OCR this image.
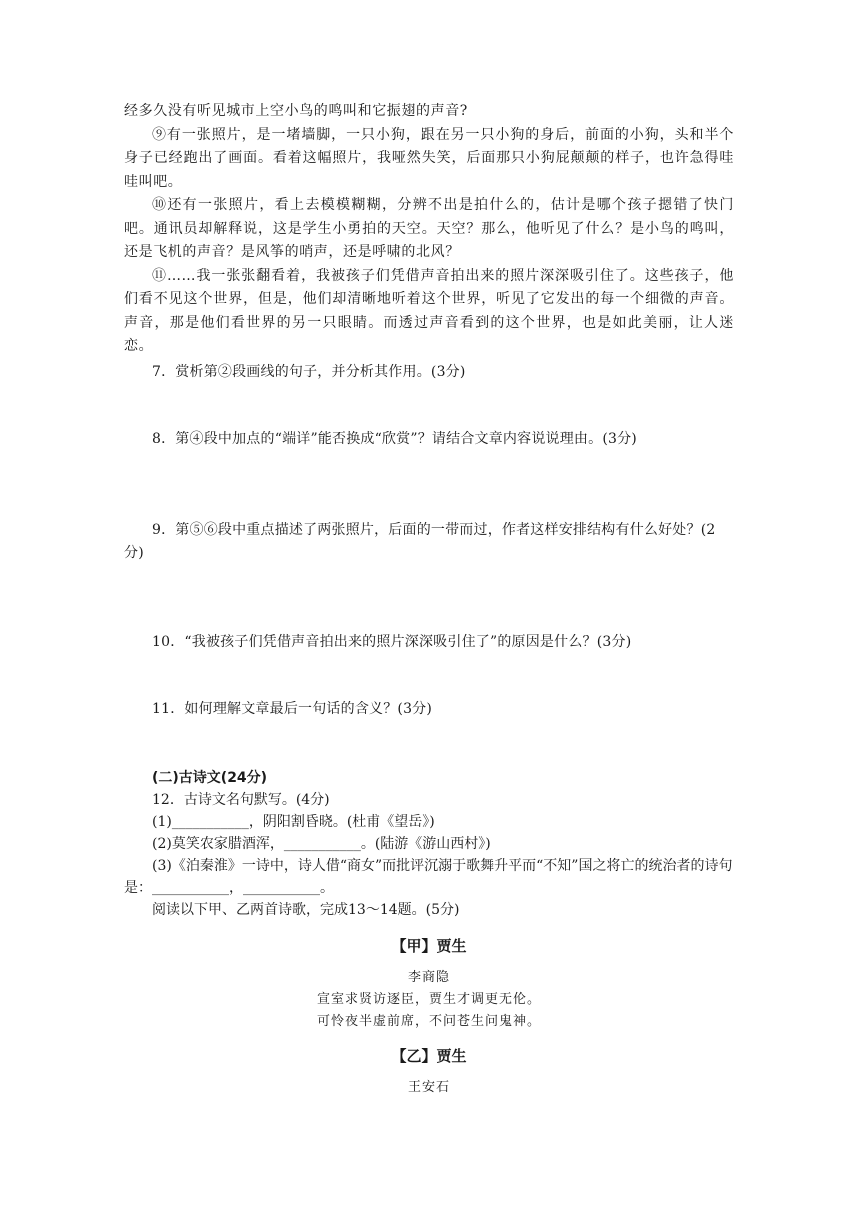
经多久没有听见城市上空小鸟的鸣叫和它振翅的声音?

⑨有一张照片，是一堵墙脚，一只小狗，跟在另一只小狗的身后，前面的小狗，头和半个身子已经跑出了画面。看着这幅照片，我哑然失笑，后面那只小狗屁颠颠的样子，也许急得哇哇叫吧。

⑩还有一张照片，看上去模模糊糊，分辨不出是拍什么的，估计是哪个孩子摁错了快门吧。通讯员却解释说，这是学生小勇拍的天空。天空？那么，他听见了什么？是小鸟的鸣叫，还是飞机的声音？是风筝的哨声，还是呼啸的北风？

⑪……我一张张翻看着，我被孩子们凭借声音拍出来的照片深深吸引住了。这些孩子，他们看不见这个世界，但是，他们却清晰地听着这个世界，听见了它发出的每一个细微的声音。声音，那是他们看世界的另一只眼睛。而透过声音看到的这个世界，也是如此美丽，让人迷恋。

7．赏析第②段画线的句子，并分析其作用。(3分)

8．第④段中加点的“端详”能否换成“欣赏”？请结合文章内容说说理由。(3分)

9．第⑤⑥段中重点描述了两张照片，后面的一带而过，作者这样安排结构有什么好处？(2分)

10．“我被孩子们凭借声音拍出来的照片深深吸引住了”的原因是什么？(3分)

11．如何理解文章最后一句话的含义？(3分)

(二)古诗文(24分)

12．古诗文名句默写。(4分)

(1)___________，阴阳割昏晓。(杜甫《望岳》)

(2)莫笑农家腊酒浑，___________。(陆游《游山西村》)

(3)《泊秦淮》一诗中，诗人借“商女”而批评沉溺于歌舞升平而“不知”国之将亡的统治者的诗句是：___________，___________。

阅读以下甲、乙两首诗歌，完成13～14题。(5分)

【甲】贾生

李商隐

宣室求贤访逐臣，贾生才调更无伦。

可怜夜半虚前席，不问苍生问鬼神。

【乙】贾生

王安石
